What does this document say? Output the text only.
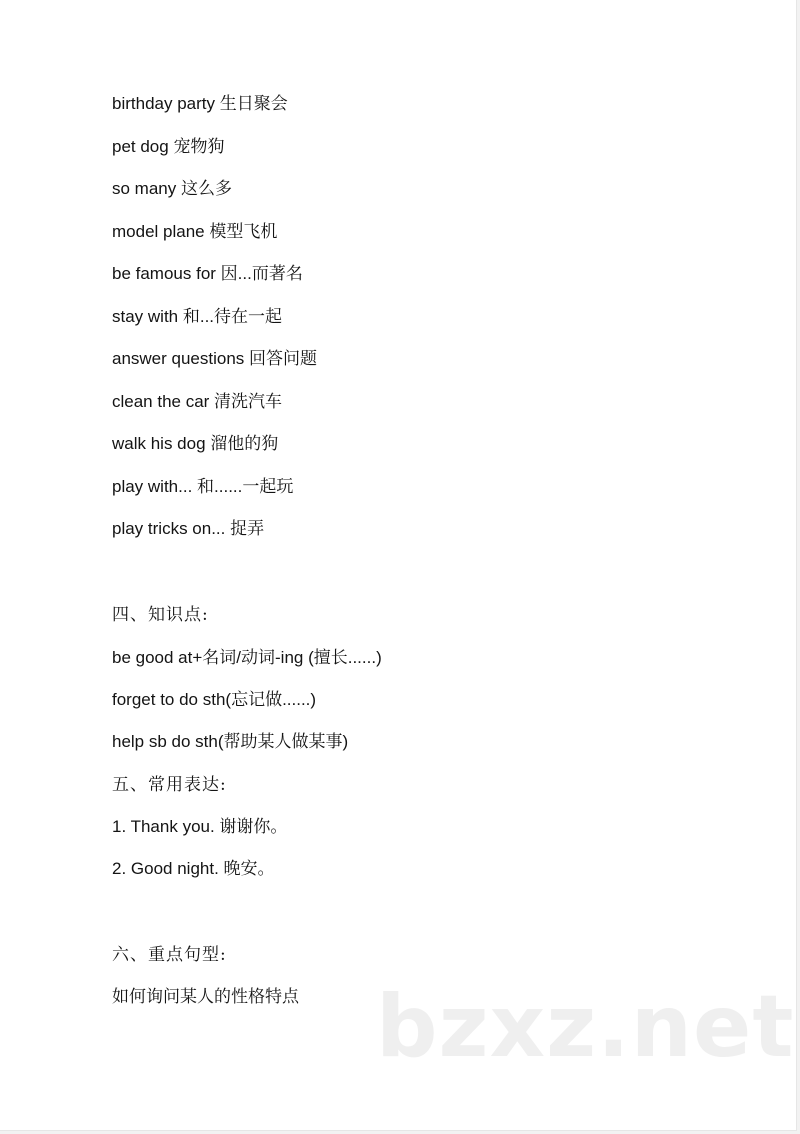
birthday party 生日聚会

pet dog 宠物狗

so many 这么多

model plane 模型飞机

be famous for 因...而著名

stay with 和...待在一起

answer questions 回答问题

clean the car 清洗汽车

walk his dog 溜他的狗

play with... 和......一起玩

play tricks on... 捉弄

四、知识点:

be good at+名词/动词-ing (擅长......)

forget to do sth(忘记做......)

help sb do sth(帮助某人做某事)

五、常用表达:

1. Thank you. 谢谢你。

2. Good night. 晚安。

六、重点句型:

如何询问某人的性格特点 bzxz.net
